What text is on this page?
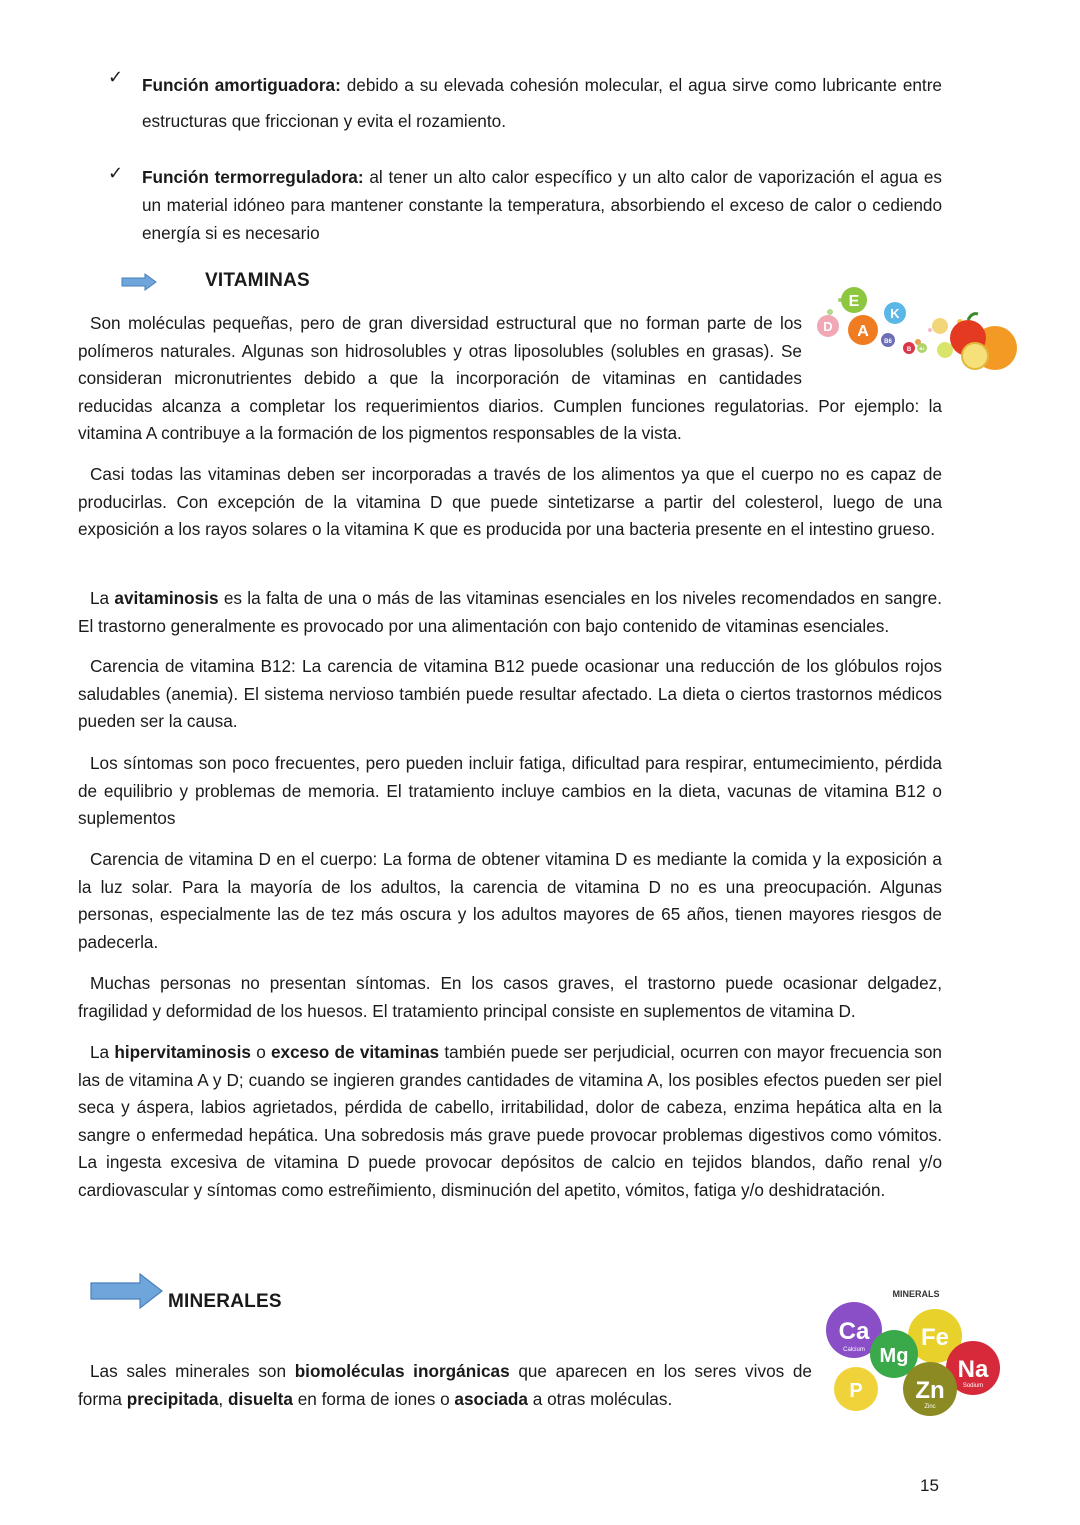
✓ Función amortiguadora: debido a su elevada cohesión molecular, el agua sirve como lubricante entre estructuras que friccionan y evita el rozamiento.
✓ Función termorreguladora: al tener un alto calor específico y un alto calor de vaporización el agua es un material idóneo para mantener constante la temperatura, absorbiendo el exceso de calor o cediendo energía si es necesario
VITAMINAS
E
K
D A
B6
B B1

Son moléculas pequeñas, pero de gran diversidad estructural que no forman parte de los polímeros naturales. Algunas son hidrosolubles y otras liposolubles (solubles en grasas). Se consideran micronutrientes debido a que la incorporación de vitaminas en cantidades reducidas alcanza a completar los requerimientos diarios. Cumplen funciones regulatorias. Por ejemplo: la vitamina A contribuye a la formación de los pigmentos responsables de la vista.

Casi todas las vitaminas deben ser incorporadas a través de los alimentos ya que el cuerpo no es capaz de producirlas. Con excepción de la vitamina D que puede sintetizarse a partir del colesterol, luego de una exposición a los rayos solares o la vitamina K que es producida por una bacteria presente en el intestino grueso.

La avitaminosis es la falta de una o más de las vitaminas esenciales en los niveles recomendados en sangre. El trastorno generalmente es provocado por una alimentación con bajo contenido de vitaminas esenciales.

Carencia de vitamina B12: La carencia de vitamina B12 puede ocasionar una reducción de los glóbulos rojos saludables (anemia). El sistema nervioso también puede resultar afectado. La dieta o ciertos trastornos médicos pueden ser la causa.

Los síntomas son poco frecuentes, pero pueden incluir fatiga, dificultad para respirar, entumecimiento, pérdida de equilibrio y problemas de memoria. El tratamiento incluye cambios en la dieta, vacunas de vitamina B12 o suplementos

Carencia de vitamina D en el cuerpo: La forma de obtener vitamina D es mediante la comida y la exposición a la luz solar. Para la mayoría de los adultos, la carencia de vitamina D no es una preocupación. Algunas personas, especialmente las de tez más oscura y los adultos mayores de 65 años, tienen mayores riesgos de padecerla.

Muchas personas no presentan síntomas. En los casos graves, el trastorno puede ocasionar delgadez, fragilidad y deformidad de los huesos. El tratamiento principal consiste en suplementos de vitamina D.

La hipervitaminosis o exceso de vitaminas también puede ser perjudicial, ocurren con mayor frecuencia son las de vitamina A y D; cuando se ingieren grandes cantidades de vitamina A, los posibles efectos pueden ser piel seca y áspera, labios agrietados, pérdida de cabello, irritabilidad, dolor de cabeza, enzima hepática alta en la sangre o enfermedad hepática. Una sobredosis más grave puede provocar problemas digestivos como vómitos. La ingesta excesiva de vitamina D puede provocar depósitos de calcio en tejidos blandos, daño renal y/o cardiovascular y síntomas como estreñimiento, disminución del apetito, vómitos, fatiga y/o deshidratación.

MINERALES	MINERALS
Ca
Calcium Fe
Mg Na
Sodium
P Zn
Zinc

Las sales minerales son biomoléculas inorgánicas que aparecen en los seres vivos de forma precipitada, disuelta en forma de iones o asociada a otras moléculas.

15
